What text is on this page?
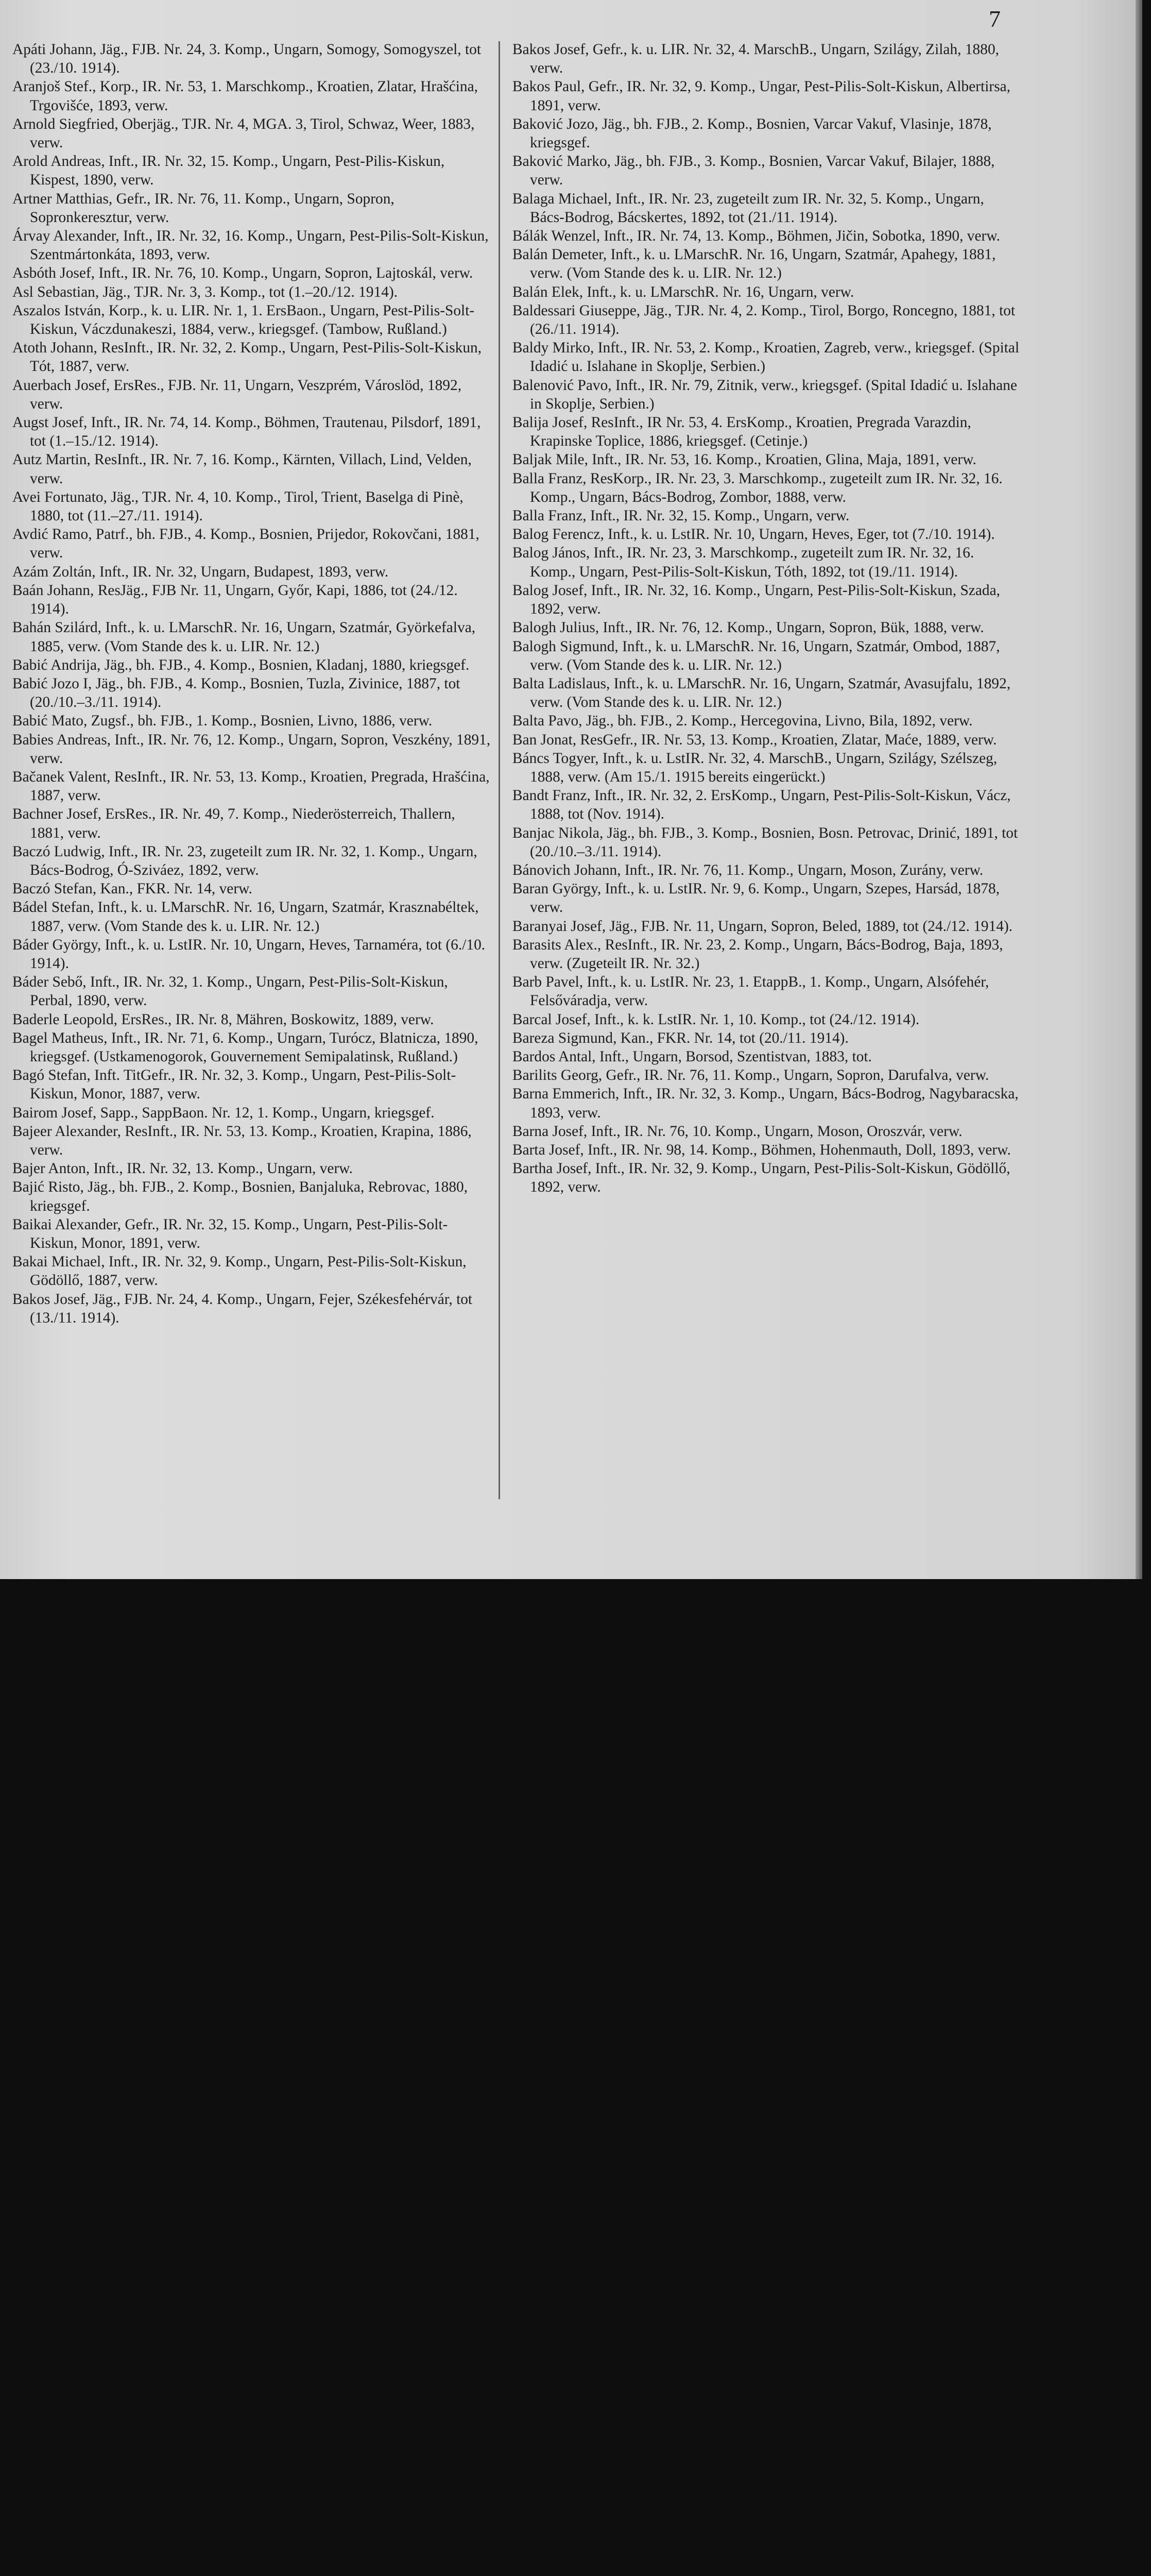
7

Apáti Johann, Jäg., FJB. Nr. 24, 3. Komp., Ungarn, Somogy, Somogyszel, tot (23./10. 1914).

Aranjoš Stef., Korp., IR. Nr. 53, 1. Marschkomp., Kroatien, Zlatar, Hrašćina, Trgovišće, 1893, verw.

Arnold Siegfried, Oberjäg., TJR. Nr. 4, MGA. 3, Tirol, Schwaz, Weer, 1883, verw.

Arold Andreas, Inft., IR. Nr. 32, 15. Komp., Ungarn, Pest-Pilis-Kiskun, Kispest, 1890, verw.

Artner Matthias, Gefr., IR. Nr. 76, 11. Komp., Ungarn, Sopron, Sopronkeresztur, verw.

Árvay Alexander, Inft., IR. Nr. 32, 16. Komp., Ungarn, Pest-Pilis-Solt-Kiskun, Szentmártonkáta, 1893, verw.

Asbóth Josef, Inft., IR. Nr. 76, 10. Komp., Ungarn, Sopron, Lajtoskál, verw.

Asl Sebastian, Jäg., TJR. Nr. 3, 3. Komp., tot (1.–20./12. 1914).

Aszalos István, Korp., k. u. LIR. Nr. 1, 1. ErsBaon., Ungarn, Pest-Pilis-Solt-Kiskun, Váczdunakeszi, 1884, verw., kriegsgef. (Tambow, Rußland.)

Atoth Johann, ResInft., IR. Nr. 32, 2. Komp., Ungarn, Pest-Pilis-Solt-Kiskun, Tót, 1887, verw.

Auerbach Josef, ErsRes., FJB. Nr. 11, Ungarn, Veszprém, Városlöd, 1892, verw.

Augst Josef, Inft., IR. Nr. 74, 14. Komp., Böhmen, Trautenau, Pilsdorf, 1891, tot (1.–15./12. 1914).

Autz Martin, ResInft., IR. Nr. 7, 16. Komp., Kärnten, Villach, Lind, Velden, verw.

Avei Fortunato, Jäg., TJR. Nr. 4, 10. Komp., Tirol, Trient, Baselga di Pinè, 1880, tot (11.–27./11. 1914).

Avdić Ramo, Patrf., bh. FJB., 4. Komp., Bosnien, Prijedor, Rokovčani, 1881, verw.

Azám Zoltán, Inft., IR. Nr. 32, Ungarn, Budapest, 1893, verw.

Baán Johann, ResJäg., FJB Nr. 11, Ungarn, Győr, Kapi, 1886, tot (24./12. 1914).

Bahán Szilárd, Inft., k. u. LMarschR. Nr. 16, Ungarn, Szatmár, Györkefalva, 1885, verw. (Vom Stande des k. u. LIR. Nr. 12.)

Babić Andrija, Jäg., bh. FJB., 4. Komp., Bosnien, Kladanj, 1880, kriegsgef.

Babić Jozo I, Jäg., bh. FJB., 4. Komp., Bosnien, Tuzla, Zivinice, 1887, tot (20./10.–3./11. 1914).

Babić Mato, Zugsf., bh. FJB., 1. Komp., Bosnien, Livno, 1886, verw.

Babies Andreas, Inft., IR. Nr. 76, 12. Komp., Ungarn, Sopron, Veszkény, 1891, verw.

Bačanek Valent, ResInft., IR. Nr. 53, 13. Komp., Kroatien, Pregrada, Hrašćina, 1887, verw.

Bachner Josef, ErsRes., IR. Nr. 49, 7. Komp., Niederösterreich, Thallern, 1881, verw.

Baczó Ludwig, Inft., IR. Nr. 23, zugeteilt zum IR. Nr. 32, 1. Komp., Ungarn, Bács-Bodrog, Ó-Sziváez, 1892, verw.

Baczó Stefan, Kan., FKR. Nr. 14, verw.

Bádel Stefan, Inft., k. u. LMarschR. Nr. 16, Ungarn, Szatmár, Krasznabéltek, 1887, verw. (Vom Stande des k. u. LIR. Nr. 12.)

Báder György, Inft., k. u. LstIR. Nr. 10, Ungarn, Heves, Tarnaméra, tot (6./10. 1914).

Báder Sebő, Inft., IR. Nr. 32, 1. Komp., Ungarn, Pest-Pilis-Solt-Kiskun, Perbal, 1890, verw.

Baderle Leopold, ErsRes., IR. Nr. 8, Mähren, Boskowitz, 1889, verw.

Bagel Matheus, Inft., IR. Nr. 71, 6. Komp., Ungarn, Turócz, Blatnicza, 1890, kriegsgef. (Ustkamenogorok, Gouvernement Semipalatinsk, Rußland.)

Bagó Stefan, Inft. TitGefr., IR. Nr. 32, 3. Komp., Ungarn, Pest-Pilis-Solt-Kiskun, Monor, 1887, verw.

Bairom Josef, Sapp., SappBaon. Nr. 12, 1. Komp., Ungarn, kriegsgef.

Bajeer Alexander, ResInft., IR. Nr. 53, 13. Komp., Kroatien, Krapina, 1886, verw.

Bajer Anton, Inft., IR. Nr. 32, 13. Komp., Ungarn, verw.

Bajić Risto, Jäg., bh. FJB., 2. Komp., Bosnien, Banjaluka, Rebrovac, 1880, kriegsgef.

Baikai Alexander, Gefr., IR. Nr. 32, 15. Komp., Ungarn, Pest-Pilis-Solt-Kiskun, Monor, 1891, verw.

Bakai Michael, Inft., IR. Nr. 32, 9. Komp., Ungarn, Pest-Pilis-Solt-Kiskun, Gödöllő, 1887, verw.

Bakos Josef, Jäg., FJB. Nr. 24, 4. Komp., Ungarn, Fejer, Székesfehérvár, tot (13./11. 1914).

Bakos Josef, Gefr., k. u. LIR. Nr. 32, 4. MarschB., Ungarn, Szilágy, Zilah, 1880, verw.

Bakos Paul, Gefr., IR. Nr. 32, 9. Komp., Ungar, Pest-Pilis-Solt-Kiskun, Albertirsa, 1891, verw.

Baković Jozo, Jäg., bh. FJB., 2. Komp., Bosnien, Varcar Vakuf, Vlasinje, 1878, kriegsgef.

Baković Marko, Jäg., bh. FJB., 3. Komp., Bosnien, Varcar Vakuf, Bilajer, 1888, verw.

Balaga Michael, Inft., IR. Nr. 23, zugeteilt zum IR. Nr. 32, 5. Komp., Ungarn, Bács-Bodrog, Bácskertes, 1892, tot (21./11. 1914).

Bálák Wenzel, Inft., IR. Nr. 74, 13. Komp., Böhmen, Jičin, Sobotka, 1890, verw.

Balán Demeter, Inft., k. u. LMarschR. Nr. 16, Ungarn, Szatmár, Apahegy, 1881, verw. (Vom Stande des k. u. LIR. Nr. 12.)

Balán Elek, Inft., k. u. LMarschR. Nr. 16, Ungarn, verw.

Baldessari Giuseppe, Jäg., TJR. Nr. 4, 2. Komp., Tirol, Borgo, Roncegno, 1881, tot (26./11. 1914).

Baldy Mirko, Inft., IR. Nr. 53, 2. Komp., Kroatien, Zagreb, verw., kriegsgef. (Spital Idadić u. Islahane in Skoplje, Serbien.)

Balenović Pavo, Inft., IR. Nr. 79, Zitnik, verw., kriegsgef. (Spital Idadić u. Islahane in Skoplje, Serbien.)

Balija Josef, ResInft., IR Nr. 53, 4. ErsKomp., Kroatien, Pregrada Varazdin, Krapinske Toplice, 1886, kriegsgef. (Cetinje.)

Baljak Mile, Inft., IR. Nr. 53, 16. Komp., Kroatien, Glina, Maja, 1891, verw.

Balla Franz, ResKorp., IR. Nr. 23, 3. Marschkomp., zugeteilt zum IR. Nr. 32, 16. Komp., Ungarn, Bács-Bodrog, Zombor, 1888, verw.

Balla Franz, Inft., IR. Nr. 32, 15. Komp., Ungarn, verw.

Balog Ferencz, Inft., k. u. LstIR. Nr. 10, Ungarn, Heves, Eger, tot (7./10. 1914).

Balog János, Inft., IR. Nr. 23, 3. Marschkomp., zugeteilt zum IR. Nr. 32, 16. Komp., Ungarn, Pest-Pilis-Solt-Kiskun, Tóth, 1892, tot (19./11. 1914).

Balog Josef, Inft., IR. Nr. 32, 16. Komp., Ungarn, Pest-Pilis-Solt-Kiskun, Szada, 1892, verw.

Balogh Julius, Inft., IR. Nr. 76, 12. Komp., Ungarn, Sopron, Bük, 1888, verw.

Balogh Sigmund, Inft., k. u. LMarschR. Nr. 16, Ungarn, Szatmár, Ombod, 1887, verw. (Vom Stande des k. u. LIR. Nr. 12.)

Balta Ladislaus, Inft., k. u. LMarschR. Nr. 16, Ungarn, Szatmár, Avasujfalu, 1892, verw. (Vom Stande des k. u. LIR. Nr. 12.)

Balta Pavo, Jäg., bh. FJB., 2. Komp., Hercegovina, Livno, Bila, 1892, verw.

Ban Jonat, ResGefr., IR. Nr. 53, 13. Komp., Kroatien, Zlatar, Maće, 1889, verw.

Báncs Togyer, Inft., k. u. LstIR. Nr. 32, 4. MarschB., Ungarn, Szilágy, Szélszeg, 1888, verw. (Am 15./1. 1915 bereits eingerückt.)

Bandt Franz, Inft., IR. Nr. 32, 2. ErsKomp., Ungarn, Pest-Pilis-Solt-Kiskun, Vácz, 1888, tot (Nov. 1914).

Banjac Nikola, Jäg., bh. FJB., 3. Komp., Bosnien, Bosn. Petrovac, Drinić, 1891, tot (20./10.–3./11. 1914).

Bánovich Johann, Inft., IR. Nr. 76, 11. Komp., Ungarn, Moson, Zurány, verw.

Baran György, Inft., k. u. LstIR. Nr. 9, 6. Komp., Ungarn, Szepes, Harsád, 1878, verw.

Baranyai Josef, Jäg., FJB. Nr. 11, Ungarn, Sopron, Beled, 1889, tot (24./12. 1914).

Barasits Alex., ResInft., IR. Nr. 23, 2. Komp., Ungarn, Bács-Bodrog, Baja, 1893, verw. (Zugeteilt IR. Nr. 32.)

Barb Pavel, Inft., k. u. LstIR. Nr. 23, 1. EtappB., 1. Komp., Ungarn, Alsófehér, Felsőváradja, verw.

Barcal Josef, Inft., k. k. LstIR. Nr. 1, 10. Komp., tot (24./12. 1914).

Bareza Sigmund, Kan., FKR. Nr. 14, tot (20./11. 1914).

Bardos Antal, Inft., Ungarn, Borsod, Szentistvan, 1883, tot.

Barilits Georg, Gefr., IR. Nr. 76, 11. Komp., Ungarn, Sopron, Darufalva, verw.

Barna Emmerich, Inft., IR. Nr. 32, 3. Komp., Ungarn, Bács-Bodrog, Nagybaracska, 1893, verw.

Barna Josef, Inft., IR. Nr. 76, 10. Komp., Ungarn, Moson, Oroszvár, verw.

Barta Josef, Inft., IR. Nr. 98, 14. Komp., Böhmen, Hohenmauth, Doll, 1893, verw.

Bartha Josef, Inft., IR. Nr. 32, 9. Komp., Ungarn, Pest-Pilis-Solt-Kiskun, Gödöllő, 1892, verw.
